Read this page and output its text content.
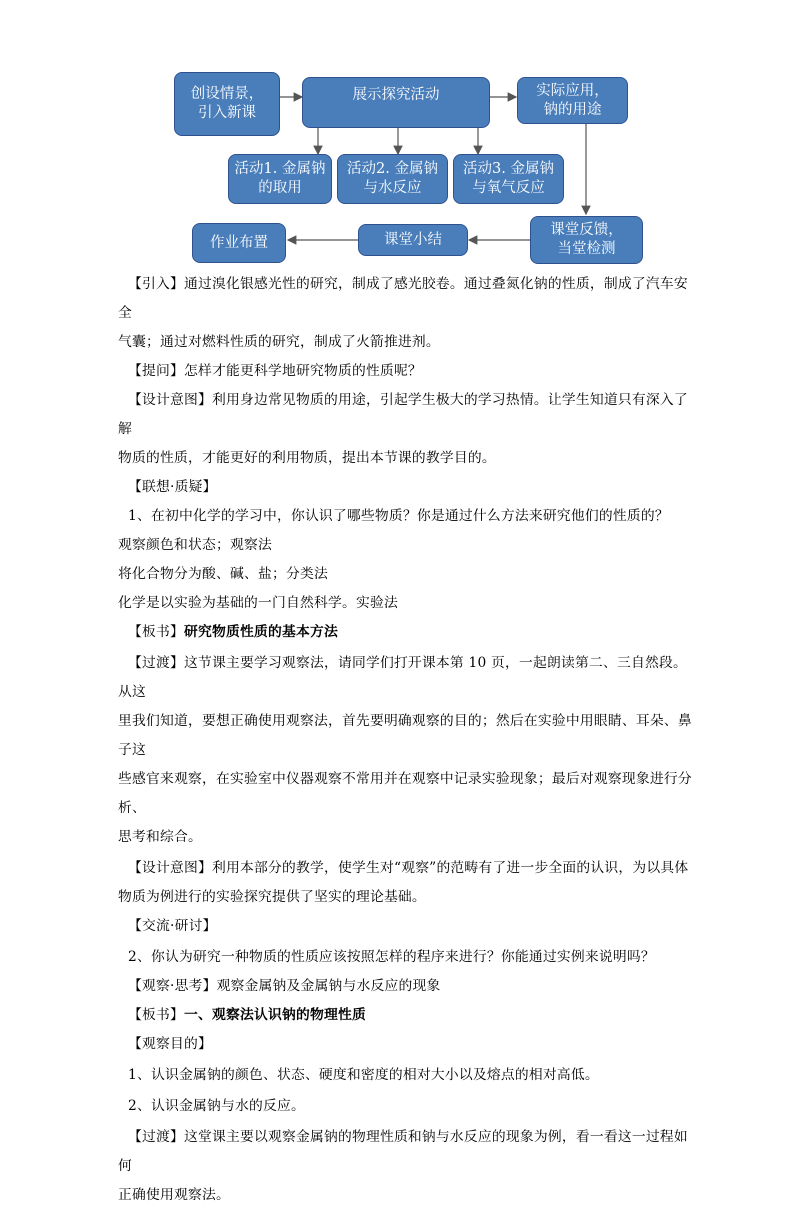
创设情景，
引入新课
展示探究活动	实际应用，
钠的用途
活动1. 金属钠
的取用
活动2. 金属钠
与水反应
活动3. 金属钠
与氧气反应
课堂反馈，
当堂检测
课堂小结
作业布置

【引入】通过溴化银感光性的研究，制成了感光胶卷。通过叠氮化钠的性质，制成了汽车安全

气囊；通过对燃料性质的研究，制成了火箭推进剂。

【提问】怎样才能更科学地研究物质的性质呢？

【设计意图】利用身边常见物质的用途，引起学生极大的学习热情。让学生知道只有深入了解

物质的性质，才能更好的利用物质，提出本节课的教学目的。

【联想·质疑】

1、在初中化学的学习中，你认识了哪些物质？你是通过什么方法来研究他们的性质的？

观察颜色和状态；观察法

将化合物分为酸、碱、盐；分类法

化学是以实验为基础的一门自然科学。实验法

【板书】研究物质性质的基本方法

【过渡】这节课主要学习观察法，请同学们打开课本第 10 页，一起朗读第二、三自然段。从这

里我们知道，要想正确使用观察法，首先要明确观察的目的；然后在实验中用眼睛、耳朵、鼻子这

些感官来观察，在实验室中仪器观察不常用并在观察中记录实验现象；最后对观察现象进行分析、

思考和综合。

【设计意图】利用本部分的教学，使学生对“观察”的范畴有了进一步全面的认识，为以具体

物质为例进行的实验探究提供了坚实的理论基础。

【交流·研讨】

2、你认为研究一种物质的性质应该按照怎样的程序来进行？你能通过实例来说明吗？

【观察·思考】观察金属钠及金属钠与水反应的现象

【板书】一、观察法认识钠的物理性质

【观察目的】

1、认识金属钠的颜色、状态、硬度和密度的相对大小以及熔点的相对高低。

2、认识金属钠与水的反应。

【过渡】这堂课主要以观察金属钠的物理性质和钠与水反应的现象为例，看一看这一过程如何

正确使用观察法。
